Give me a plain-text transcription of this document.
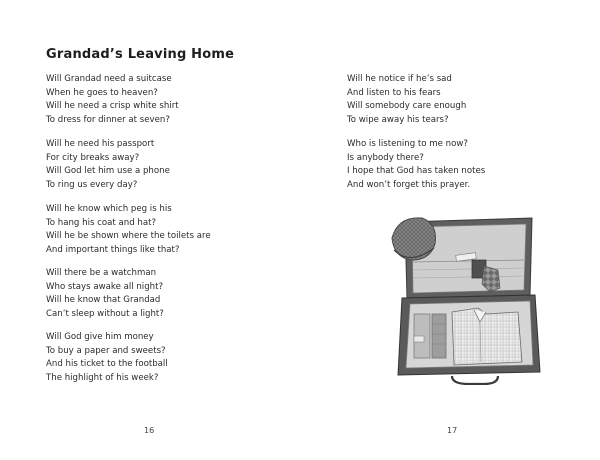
Grandad’s Leaving Home
Will Grandad need a suitcase
When he goes to heaven?
Will he need a crisp white shirt
To dress for dinner at seven?
Will he need his passport
For city breaks away?
Will God let him use a phone
To ring us every day?
Will he know which peg is his
To hang his coat and hat?
Will he be shown where the toilets are
And important things like that?
Will there be a watchman
Who stays awake all night?
Will he know that Grandad
Can’t sleep without a light?
Will God give him money
To buy a paper and sweets?
And his ticket to the football
The highlight of his week?
16
Will he notice if he’s sad
And listen to his fears
Will somebody care enough
To wipe away his tears?
Who is listening to me now?
Is anybody there?
I hope that God has taken notes
And won’t forget this prayer.
17
